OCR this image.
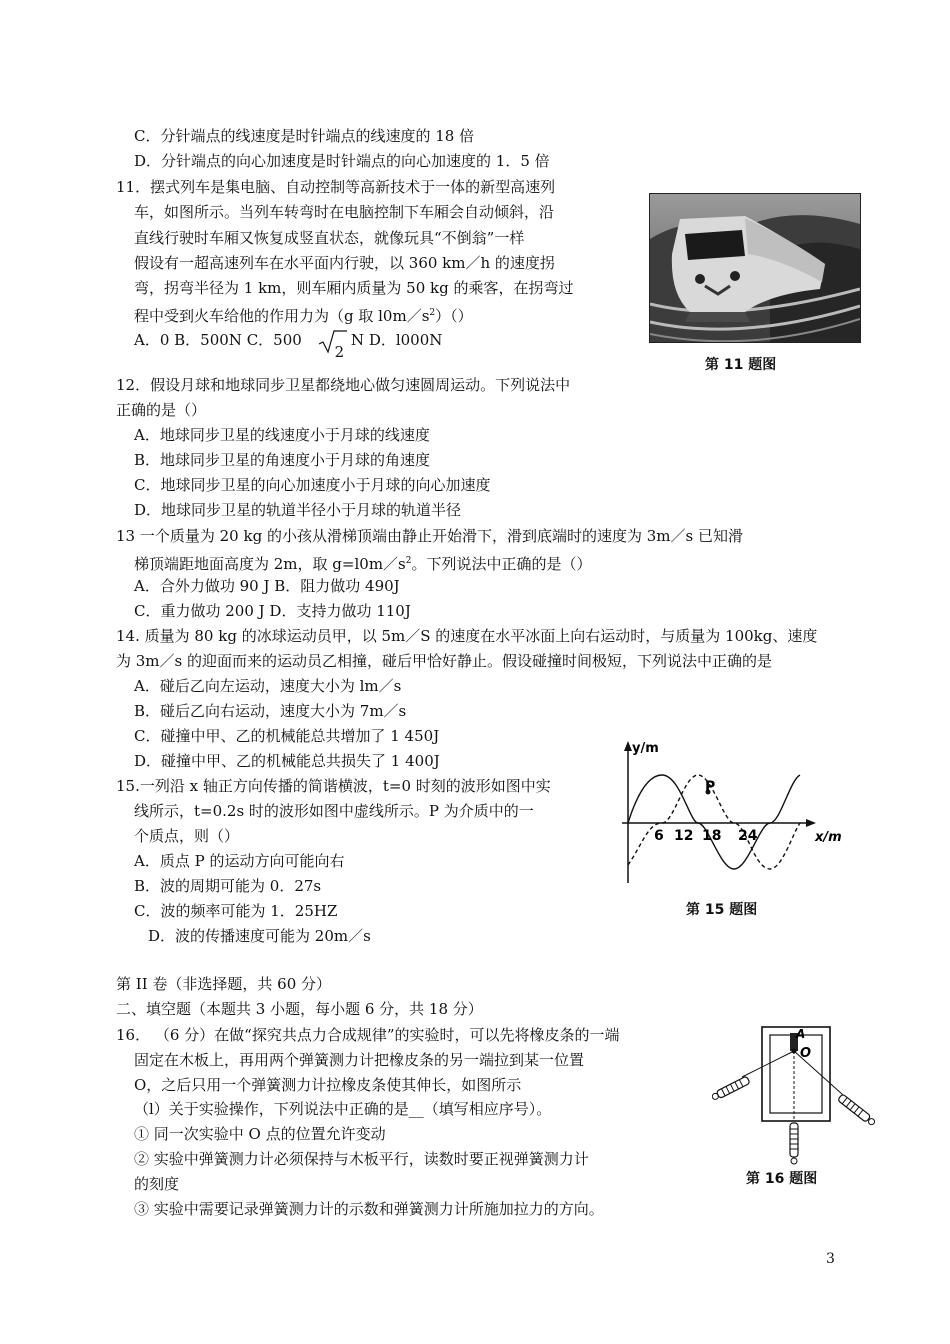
C．分针端点的线速度是时针端点的线速度的 18 倍
D．分针端点的向心加速度是时针端点的向心加速度的 1．5 倍
11．摆式列车是集电脑、自动控制等高新技术于一体的新型高速列
车，如图所示。当列车转弯时在电脑控制下车厢会自动倾斜，沿
直线行驶时车厢又恢复成竖直状态，就像玩具“不倒翁”一样
假设有一超高速列车在水平面内行驶，以 360 km／h 的速度拐
弯，拐弯半径为 1 km，则车厢内质量为 50 kg 的乘客，在拐弯过
程中受到火车给他的作用力为（g 取 $l0m/s^2)()$
A．0 B．500N C．500
2 N D．l000N
第 11 题图
12．假设月球和地球同步卫星都绕地心做匀速圆周运动。下列说法中
正确的是（）
A．地球同步卫星的线速度小于月球的线速度
B．地球同步卫星的角速度小于月球的角速度
C．地球同步卫星的向心加速度小于月球的向心加速度
D．地球同步卫星的轨道半径小于月球的轨道半径
13 一个质量为 20 kg 的小孩从滑梯顶端由静止开始滑下，滑到底端时的速度为 3m／s 已知滑
梯顶端距地面高度为 2m，取 $g=l0m/s^2$。下列说法中正确的是（）
A．合外力做功 90 J B．阻力做功 490J
C．重力做功 200 J D．支持力做功 110J
14. 质量为 80 kg 的冰球运动员甲，以 5m／S 的速度在水平冰面上向右运动时，与质量为 100kg、速度
为 3m／s 的迎面而来的运动员乙相撞，碰后甲恰好静止。假设碰撞时间极短，下列说法中正确的是
A．碰后乙向左运动，速度大小为 lm／s
B．碰后乙向右运动，速度大小为 7m／s
C．碰撞中甲、乙的机械能总共增加了 1 450J
D．碰撞中甲、乙的机械能总共损失了 1 400J
15.一列沿 x 轴正方向传播的简谐横波，t=0 时刻的波形如图中实
线所示，t=0.2s 时的波形如图中虚线所示。P 为介质中的一
个质点，则（）
A．质点 P 的运动方向可能向右
B．波的周期可能为 0．27s
C．波的频率可能为 1．25HZ
D．波的传播速度可能为 20m／s
y/m
x/m
P
6 12 18 24
第 15 题图
第 II 卷（非选择题，共 60 分）
二、填空题（本题共 3 小题，每小题 6 分，共 18 分）
16． （6 分）在做“探究共点力合成规律”的实验时，可以先将橡皮条的一端
固定在木板上，再用两个弹簧测力计把橡皮条的另一端拉到某一位置
O，之后只用一个弹簧测力计拉橡皮条使其伸长，如图所示
（l）关于实验操作，下列说法中正确的是__（填写相应序号）。
① 同一次实验中 O 点的位置允许变动
② 实验中弹簧测力计必须保持与木板平行，读数时要正视弹簧测力计
的刻度
③ 实验中需要记录弹簧测力计的示数和弹簧测力计所施加拉力的方向。
A
O
第 16 题图
3
